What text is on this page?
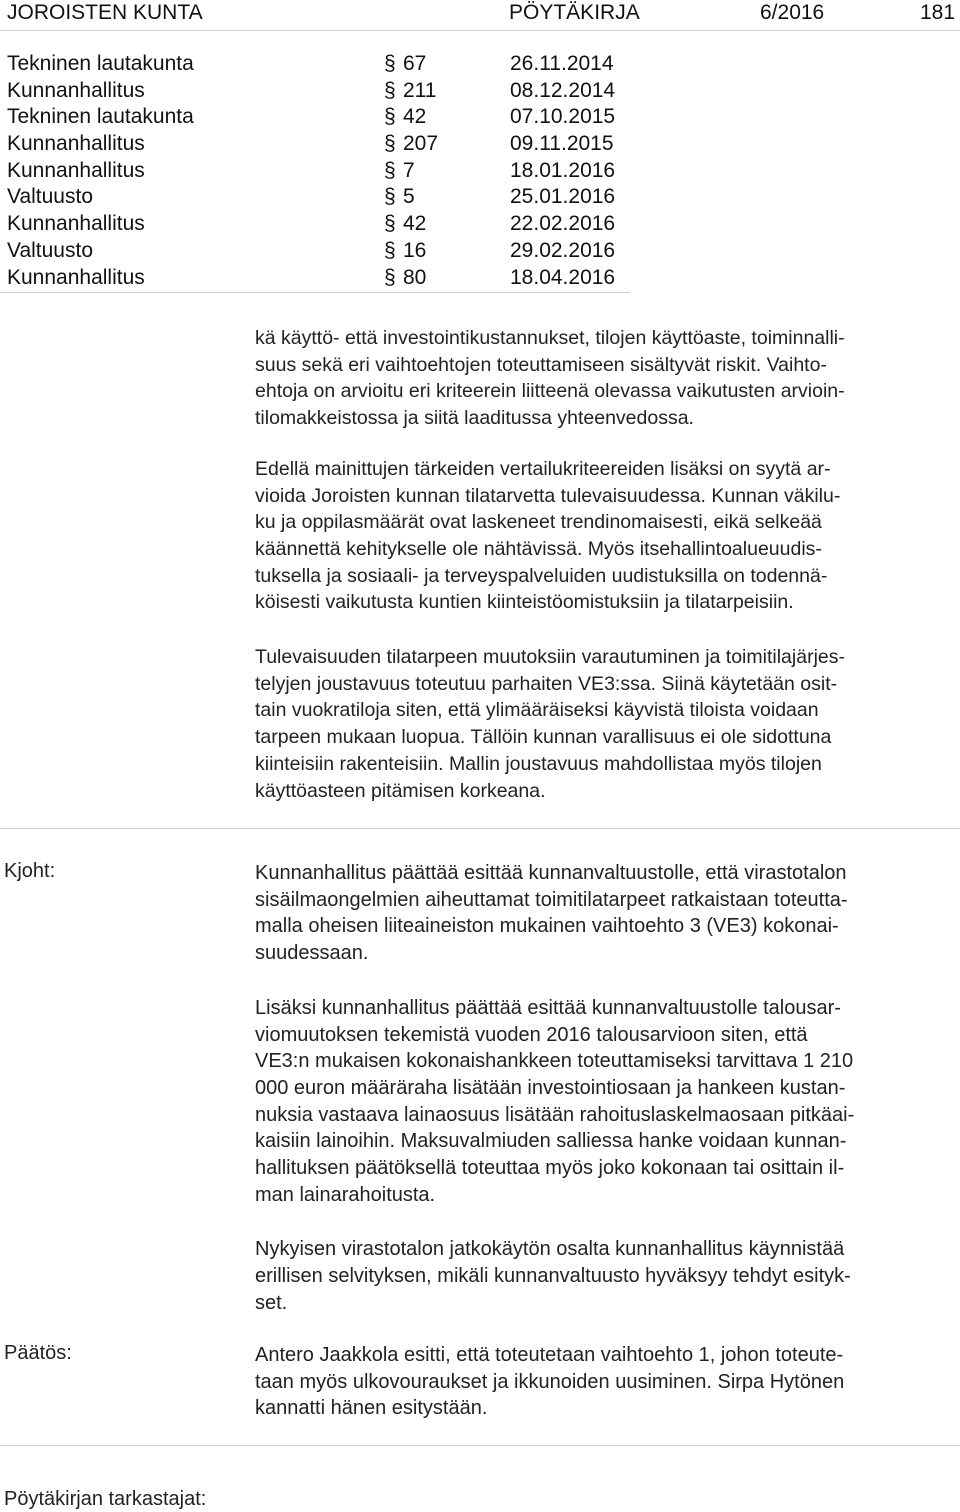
JOROISTEN KUNTA	PÖYTÄKIRJA	6/2016	181
Tekninen lautakunta	§ 67	26.11.2014
Kunnanhallitus	§ 211	08.12.2014
Tekninen lautakunta	§ 42	07.10.2015
Kunnanhallitus	§ 207	09.11.2015
Kunnanhallitus	§ 7	18.01.2016
Valtuusto	§ 5	25.01.2016
Kunnanhallitus	§ 42	22.02.2016
Valtuusto	§ 16	29.02.2016
Kunnanhallitus	§ 80	18.04.2016

kä käyttö- että investointikustannukset, tilojen käyttöaste, toiminnalli-
suus sekä eri vaihtoehtojen toteuttamiseen sisältyvät riskit. Vaihto-
ehtoja on arvioitu eri kriteerein liitteenä olevassa vaikutusten arvioin-
tilomakkeistossa ja siitä laaditussa yhteenvedossa.

Edellä mainittujen tärkeiden vertailukriteereiden lisäksi on syytä ar-
vioida Joroisten kunnan tilatarvetta tulevaisuudessa. Kunnan väkilu-
ku ja oppilasmäärät ovat laskeneet trendinomaisesti, eikä selkeää
käännettä kehitykselle ole nähtävissä. Myös itsehallintoalueuudis-
tuksella ja sosiaali- ja terveyspalveluiden uudistuksilla on todennä-
köisesti vaikutusta kuntien kiinteistöomistuksiin ja tilatarpeisiin.

Tulevaisuuden tilatarpeen muutoksiin varautuminen ja toimitilajärjes-
telyjen joustavuus toteutuu parhaiten VE3:ssa. Siinä käytetään osit-
tain vuokratiloja siten, että ylimääräiseksi käyvistä tiloista voidaan
tarpeen mukaan luopua. Tällöin kunnan varallisuus ei ole sidottuna
kiinteisiin rakenteisiin. Mallin joustavuus mahdollistaa myös tilojen
käyttöasteen pitämisen korkeana.

Kjoht:	Kunnanhallitus päättää esittää kunnanvaltuustolle, että virastotalon
sisäilmaongelmien aiheuttamat toimitilatarpeet ratkaistaan toteutta-
malla oheisen liiteaineiston mukainen vaihtoehto 3 (VE3) kokonai-
suudessaan.

Lisäksi kunnanhallitus päättää esittää kunnanvaltuustolle talousar-
viomuutoksen tekemistä vuoden 2016 talousarvioon siten, että
VE3:n mukaisen kokonaishankkeen toteuttamiseksi tarvittava 1 210
000 euron määräraha lisätään investointiosaan ja hankeen kustan-
nuksia vastaava lainaosuus lisätään rahoituslaskelmaosaan pitkäai-
kaisiin lainoihin. Maksuvalmiuden salliessa hanke voidaan kunnan-
hallituksen päätöksellä toteuttaa myös joko kokonaan tai osittain il-
man lainarahoitusta.

Nykyisen virastotalon jatkokäytön osalta kunnanhallitus käynnistää
erillisen selvityksen, mikäli kunnanvaltuusto hyväksyy tehdyt esityk-
set.

Päätös:	Antero Jaakkola esitti, että toteutetaan vaihtoehto 1, johon toteute-
taan myös ulkovouraukset ja ikkunoiden uusiminen. Sirpa Hytönen
kannatti hänen esitystään.

Pöytäkirjan tarkastajat:
